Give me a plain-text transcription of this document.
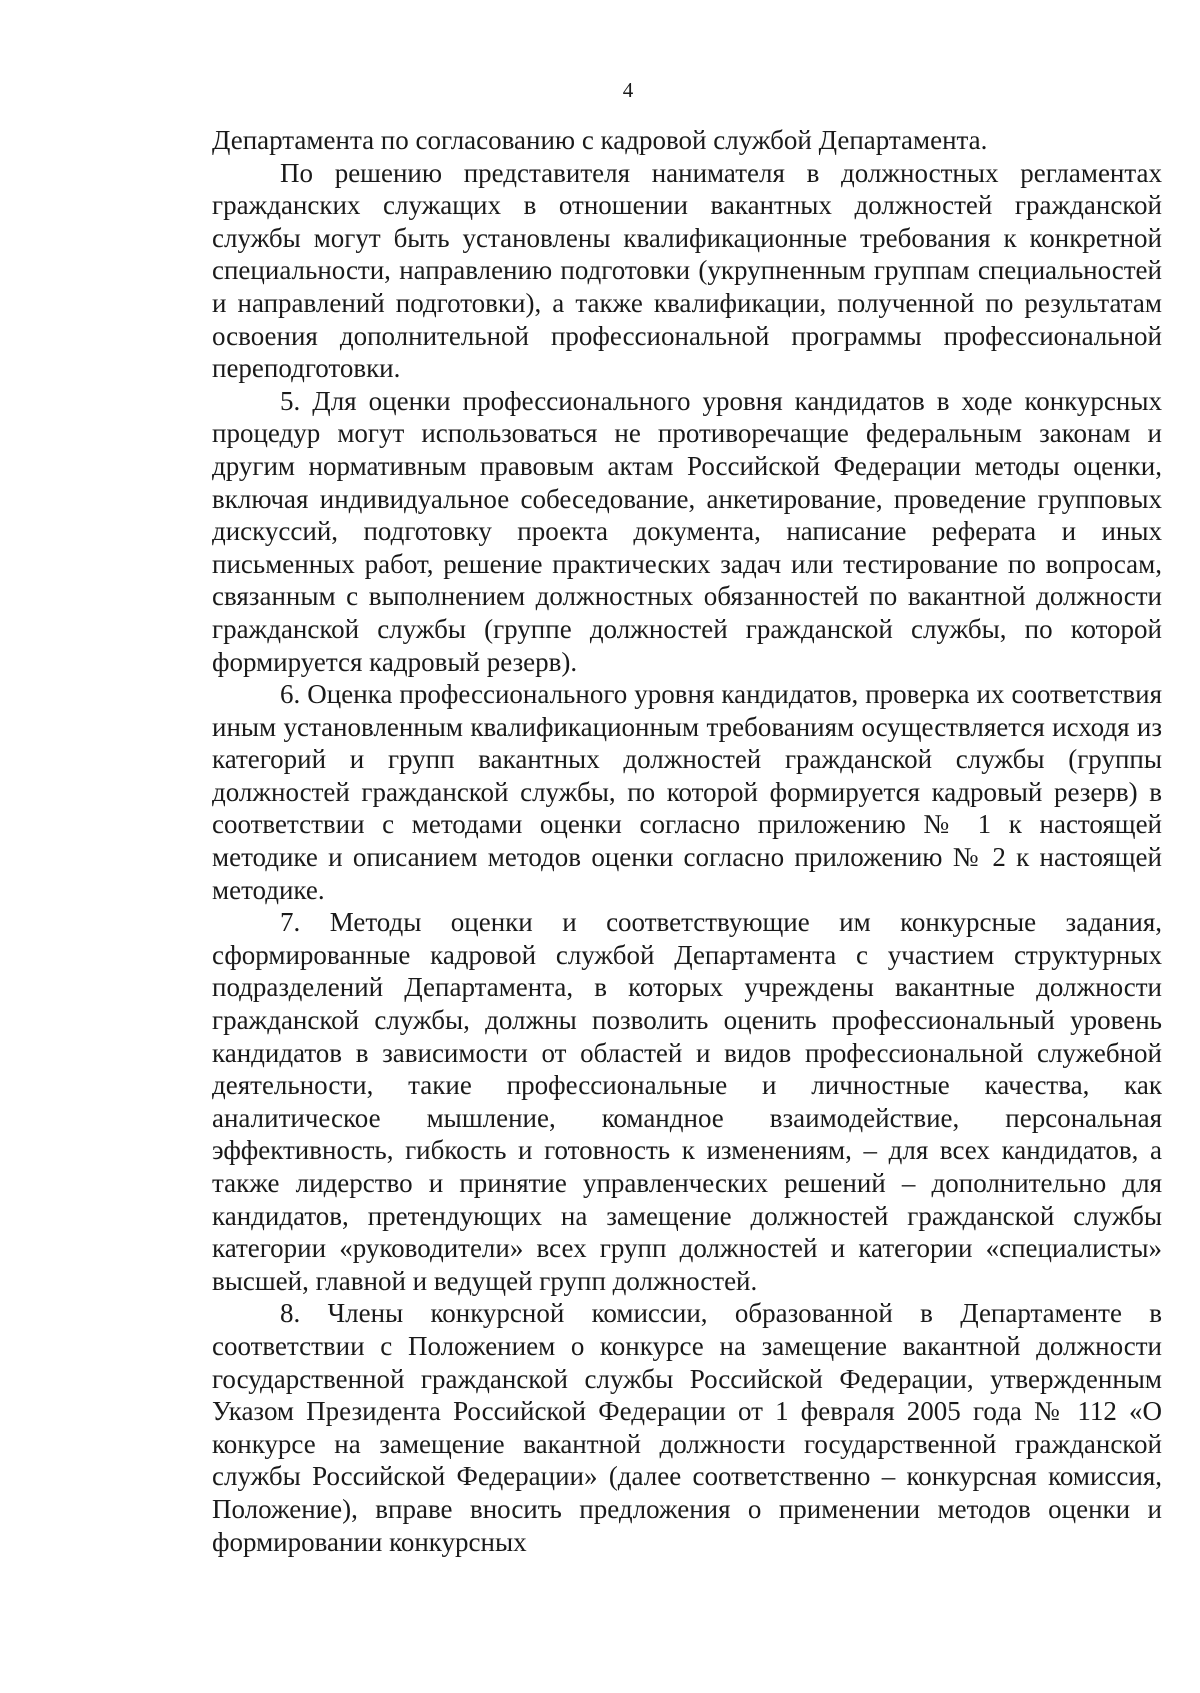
4

Департамента по согласованию с кадровой службой Департамента.

По решению представителя нанимателя в должностных регламентах гражданских служащих в отношении вакантных должностей гражданской службы могут быть установлены квалификационные требования к конкретной специальности, направлению подготовки (укрупненным группам специальностей и направлений подготовки), а также квалификации, полученной по результатам освоения дополнительной профессиональной программы профессиональной переподготовки.

5. Для оценки профессионального уровня кандидатов в ходе конкурсных процедур могут использоваться не противоречащие федеральным законам и другим нормативным правовым актам Российской Федерации методы оценки, включая индивидуальное собеседование, анкетирование, проведение групповых дискуссий, подготовку проекта документа, написание реферата и иных письменных работ, решение практических задач или тестирование по вопросам, связанным с выполнением должностных обязанностей по вакантной должности гражданской службы (группе должностей гражданской службы, по которой формируется кадровый резерв).

6. Оценка профессионального уровня кандидатов, проверка их соответствия иным установленным квалификационным требованиям осуществляется исходя из категорий и групп вакантных должностей гражданской службы (группы должностей гражданской службы, по которой формируется кадровый резерв) в соответствии с методами оценки согласно приложению № 1 к настоящей методике и описанием методов оценки согласно приложению № 2 к настоящей методике.

7. Методы оценки и соответствующие им конкурсные задания, сформированные кадровой службой Департамента с участием структурных подразделений Департамента, в которых учреждены вакантные должности гражданской службы, должны позволить оценить профессиональный уровень кандидатов в зависимости от областей и видов профессиональной служебной деятельности, такие профессиональные и личностные качества, как аналитическое мышление, командное взаимодействие, персональная эффективность, гибкость и готовность к изменениям, – для всех кандидатов, а также лидерство и принятие управленческих решений – дополнительно для кандидатов, претендующих на замещение должностей гражданской службы категории «руководители» всех групп должностей и категории «специалисты» высшей, главной и ведущей групп должностей.

8. Члены конкурсной комиссии, образованной в Департаменте в соответствии с Положением о конкурсе на замещение вакантной должности государственной гражданской службы Российской Федерации, утвержденным Указом Президента Российской Федерации от 1 февраля 2005 года № 112 «О конкурсе на замещение вакантной должности государственной гражданской службы Российской Федерации» (далее соответственно – конкурсная комиссия, Положение), вправе вносить предложения о применении методов оценки и формировании конкурсных
